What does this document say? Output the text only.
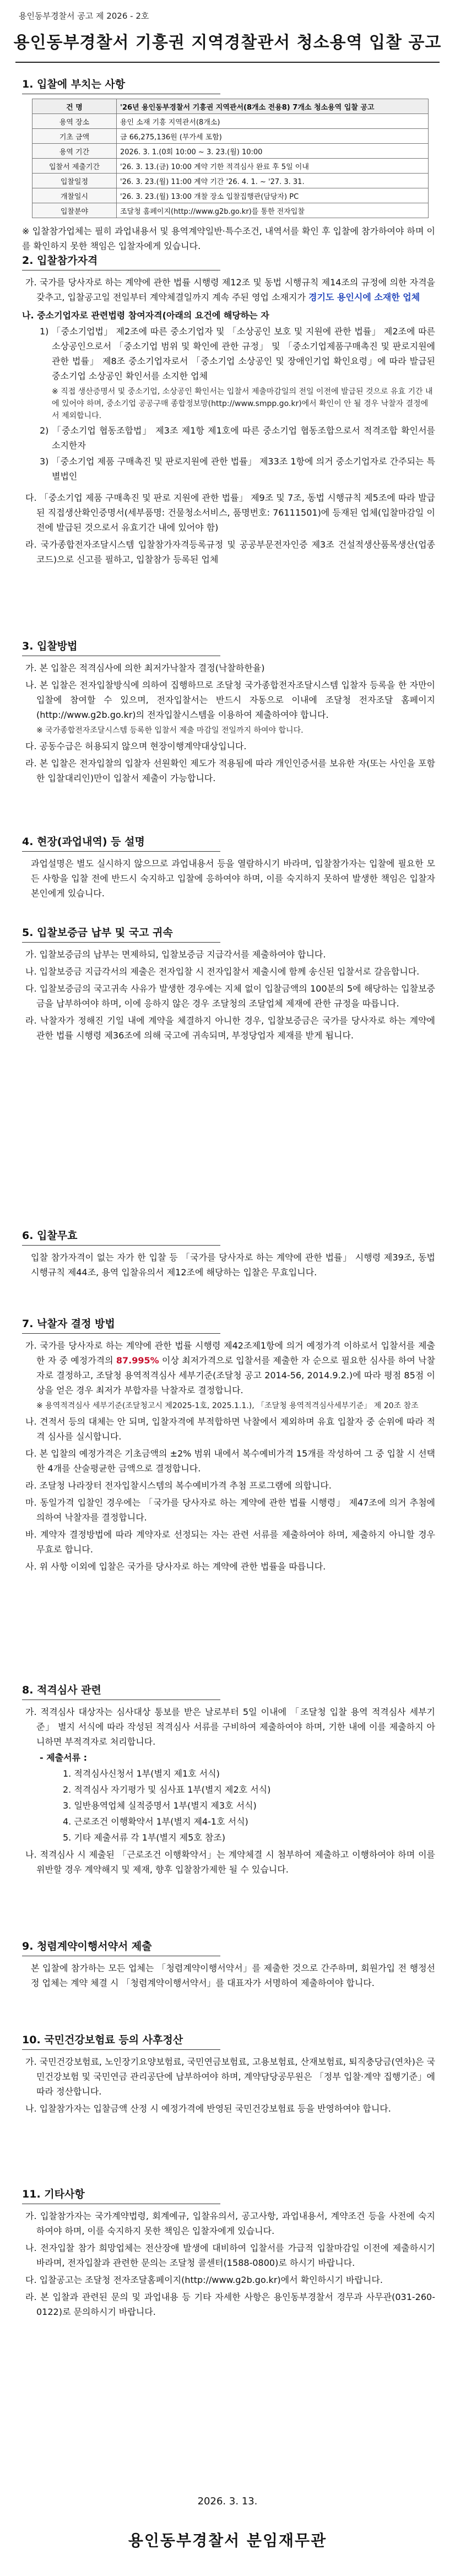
용인동부경찰서 공고 제 2026 - 2호
용인동부경찰서 기흥권 지역경찰관서 청소용역 입찰 공고
1. 입찰에 부치는 사항
건 명	'26년 용인동부경찰서 기흥권 지역관서(8개소 전용8) 7개소 청소용역 입찰 공고
용역 장소	용인 소재 기흥 지역관서(8개소)
기초 금액	금 66,275,136원 (부가세 포함)
용역 기간	2026. 3. 1.(0회 10:00 ~ 3. 23.(월) 10:00
입찰서 제출기간	'26. 3. 13.(금) 10:00 계약 기한 적격심사 완료 후 5일 이내
입찰일정	'26. 3. 23.(월) 11:00 계약 기간 '26. 4. 1. ~ '27. 3. 31.
개찰일시	'26. 3. 23.(월) 13:00 개찰 장소 입찰집행관(담당자) PC
입찰분야	조달청 홈페이지(http://www.g2b.go.kr)를 통한 전자입찰

※ 입찰참가업체는 필히 과업내용서 및 용역계약일반·특수조건, 내역서를 확인 후 입찰에 참가하여야 하며 이를 확인하지 못한 책임은 입찰자에게 있습니다.

2. 입찰참가자격

가. 국가를 당사자로 하는 계약에 관한 법률 시행령 제12조 및 동법 시행규칙 제14조의 규정에 의한 자격을 갖추고, 입찰공고일 전일부터 계약체결일까지 계속 주된 영업 소재지가 경기도 용인시에 소재한 업체

나. 중소기업자로 관련법령 참여자격(아래의 요건에 해당하는 자

1) 「중소기업법」 제2조에 따른 중소기업자 및 「소상공인 보호 및 지원에 관한 법률」 제2조에 따른 소상공인으로서 「중소기업 범위 및 확인에 관한 규정」 및 「중소기업제품구매촉진 및 판로지원에 관한 법률」 제8조 중소기업자로서 「중소기업 소상공인 및 장애인기업 확인요령」에 따라 발급된 중소기업 소상공인 확인서를 소지한 업체

※ 직접 생산증명서 및 중소기업, 소상공인 확인서는 입찰서 제출마감일의 전일 이전에 발급된 것으로 유효 기간 내에 있어야 하며, 중소기업 공공구매 종합정보망(http://www.smpp.go.kr)에서 확인이 안 될 경우 낙찰자 결정에서 제외합니다.

2) 「중소기업 협동조합법」 제3조 제1항 제1호에 따른 중소기업 협동조합으로서 적격조합 확인서를 소지한자

3) 「중소기업 제품 구매촉진 및 판로지원에 관한 법률」 제33조 1항에 의거 중소기업자로 간주되는 특별법인

다. 「중소기업 제품 구매촉진 및 판로 지원에 관한 법률」 제9조 및 7조, 동법 시행규칙 제5조에 따라 발급된 직접생산확인증명서(세부품명: 건물청소서비스, 품명번호: 76111501)에 등재된 업체(입찰마감일 이전에 발급된 것으로서 유효기간 내에 있어야 함)

라. 국가종합전자조달시스템 입찰참가자격등록규정 및 공공부문전자인증 제3조 건설적생산품목생산(업종코드)으로 신고를 필하고, 입찰참가 등록된 업체

3. 입찰방법

가. 본 입찰은 적격심사에 의한 최저가낙찰자 결정(낙찰하한율)

나. 본 입찰은 전자입찰방식에 의하여 집행하므로 조달청 국가종합전자조달시스템 입찰자 등록을 한 자만이 입찰에 참여할 수 있으며, 전자입찰서는 반드시 자동으로 이내에 조달청 전자조달 홈페이지(http://www.g2b.go.kr)의 전자입찰시스템을 이용하여 제출하여야 합니다.

※ 국가종합전자조달시스템 등록한 입찰서 제출 마감일 전일까지 하여야 합니다.

다. 공동수급은 허용되지 않으며 현장이행계약대상입니다.

라. 본 입찰은 전자입찰의 입찰자 선원확인 제도가 적용됨에 따라 개인인증서를 보유한 자(또는 사인을 포함한 입찰대리인)만이 입찰서 제출이 가능합니다.

4. 현장(과업내역) 등 설명

과업설명은 별도 실시하지 않으므로 과업내용서 등을 열람하시기 바라며, 입찰참가자는 입찰에 필요한 모든 사항을 입찰 전에 반드시 숙지하고 입찰에 응하여야 하며, 이를 숙지하지 못하여 발생한 책임은 입찰자 본인에게 있습니다.

5. 입찰보증금 납부 및 국고 귀속

가. 입찰보증금의 납부는 면제하되, 입찰보증금 지급각서를 제출하여야 합니다.

나. 입찰보증금 지급각서의 제출은 전자입찰 시 전자입찰서 제출시에 함께 송신된 입찰서로 갈음합니다.

다. 입찰보증금의 국고귀속 사유가 발생한 경우에는 지체 없이 입찰금액의 100분의 5에 해당하는 입찰보증금을 납부하여야 하며, 이에 응하지 않은 경우 조달청의 조달업체 제재에 관한 규정을 따릅니다.

라. 낙찰자가 정해진 기일 내에 계약을 체결하지 아니한 경우, 입찰보증금은 국가를 당사자로 하는 계약에 관한 법률 시행령 제36조에 의해 국고에 귀속되며, 부정당업자 제재를 받게 됩니다.

6. 입찰무효

입찰 참가자격이 없는 자가 한 입찰 등 「국가를 당사자로 하는 계약에 관한 법률」 시행령 제39조, 동법 시행규칙 제44조, 용역 입찰유의서 제12조에 해당하는 입찰은 무효입니다.

7. 낙찰자 결정 방법

가. 국가를 당사자로 하는 계약에 관한 법률 시행령 제42조제1항에 의거 예정가격 이하로서 입찰서를 제출한 자 중 예정가격의 87.995% 이상 최저가격으로 입찰서를 제출한 자 순으로 필요한 심사를 하여 낙찰자로 결정하고, 조달청 용역적격심사 세부기준(조달청 공고 2014-56, 2014.9.2.)에 따라 평점 85점 이상을 얻은 경우 최저가 부합자를 낙찰자로 결정합니다.

※ 용역적격심사 세부기준(조달청고시 제2025-1호, 2025.1.1.), 「조달청 용역적격심사세부기준」 제 20조 참조

나. 견적서 등의 대체는 안 되며, 입찰자격에 부적합하면 낙찰에서 제외하며 유효 입찰자 중 순위에 따라 적격 심사를 실시합니다.

다. 본 입찰의 예정가격은 기초금액의 ±2% 범위 내에서 복수예비가격 15개를 작성하여 그 중 입찰 시 선택한 4개를 산술평균한 금액으로 결정합니다.

라. 조달청 나라장터 전자입찰시스템의 복수예비가격 추첨 프로그램에 의합니다.

마. 동일가격 입찰인 경우에는 「국가를 당사자로 하는 계약에 관한 법률 시행령」 제47조에 의거 추첨에 의하여 낙찰자를 결정합니다.

바. 계약자 결정방법에 따라 계약자로 선정되는 자는 관련 서류를 제출하여야 하며, 제출하지 아니할 경우 무효로 합니다.

사. 위 사항 이외에 입찰은 국가를 당사자로 하는 계약에 관한 법률을 따릅니다.

8. 적격심사 관련

가. 적격심사 대상자는 심사대상 통보를 받은 날로부터 5일 이내에 「조달청 입찰 용역 적격심사 세부기준」 별지 서식에 따라 작성된 적격심사 서류를 구비하여 제출하여야 하며, 기한 내에 이를 제출하지 아니하면 부적격자로 처리합니다.

- 제출서류 :

1. 적격심사신청서 1부(별지 제1호 서식)

2. 적격심사 자기평가 및 심사표 1부(별지 제2호 서식)

3. 일반용역업체 실적증명서 1부(별지 제3호 서식)

4. 근로조건 이행확약서 1부(별지 제4-1호 서식)

5. 기타 제출서류 각 1부(별지 제5호 참조)

나. 적격심사 시 제출된 「근로조건 이행확약서」는 계약체결 시 첨부하여 제출하고 이행하여야 하며 이를 위반할 경우 계약해지 및 제재, 향후 입찰참가제한 될 수 있습니다.

9. 청렴계약이행서약서 제출

본 입찰에 참가하는 모든 업체는 「청렴계약이행서약서」를 제출한 것으로 간주하며, 회원가입 전 행정선정 업체는 계약 체결 시 「청렴계약이행서약서」를 대표자가 서명하여 제출하여야 합니다.

10. 국민건강보험료 등의 사후정산

가. 국민건강보험료, 노인장기요양보험료, 국민연금보험료, 고용보험료, 산재보험료, 퇴직충당금(연차)은 국민건강보험 및 국민연금 관리공단에 납부하여야 하며, 계약담당공무원은 「정부 입찰·계약 집행기준」에 따라 정산합니다.

나. 입찰참가자는 입찰금액 산정 시 예정가격에 반영된 국민건강보험료 등을 반영하여야 합니다.

11. 기타사항

가. 입찰참가자는 국가계약법령, 회계예규, 입찰유의서, 공고사항, 과업내용서, 계약조건 등을 사전에 숙지하여야 하며, 이를 숙지하지 못한 책임은 입찰자에게 있습니다.

나. 전자입찰 참가 희망업체는 전산장애 발생에 대비하여 입찰서를 가급적 입찰마감일 이전에 제출하시기 바라며, 전자입찰과 관련한 문의는 조달청 콜센터(1588-0800)로 하시기 바랍니다.

다. 입찰공고는 조달청 전자조달홈페이지(http://www.g2b.go.kr)에서 확인하시기 바랍니다.

라. 본 입찰과 관련된 문의 및 과업내용 등 기타 자세한 사항은 용인동부경찰서 경무과 사무관(031-260-0122)로 문의하시기 바랍니다.

2026. 3. 13.
용인동부경찰서 분임재무관
